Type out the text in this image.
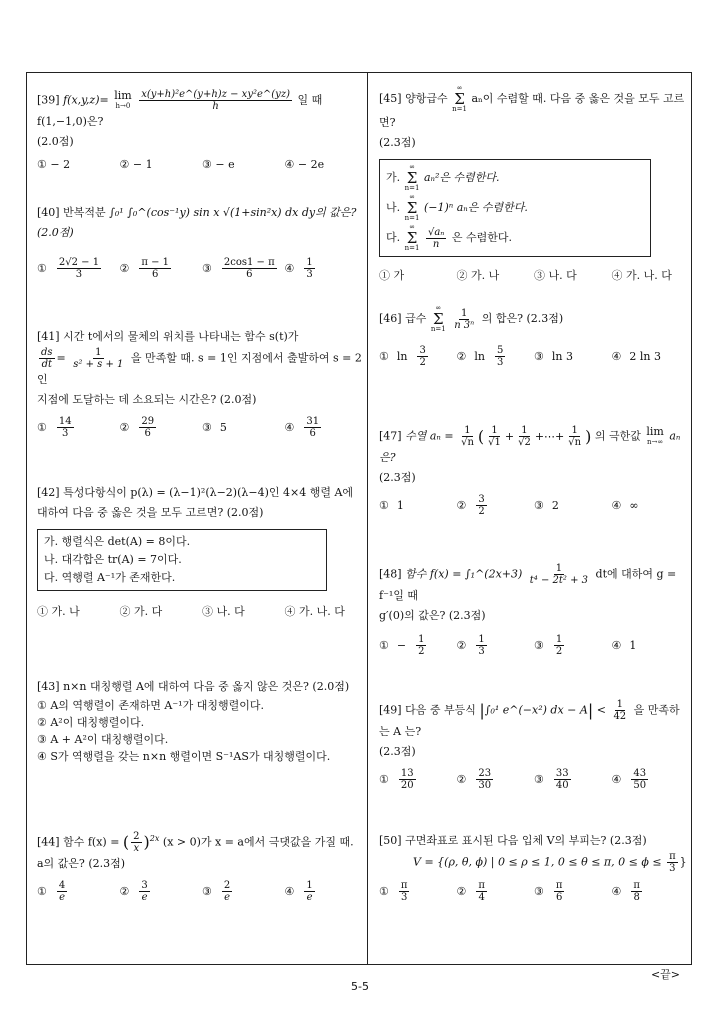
[39] f(x,y,z)= lim
h→0
$\frac{\text{x(y+h)²e\textasciicircum{}(y+h)z − xy²e\textasciicircum{}(yz)}}{h}$ 일 때 f(1,−1,0)은?
(2.0점)
① − 2	② − 1	③ − e	④ − 2e
[40] 반복적분 ∫₀¹ ∫₀^(cos⁻¹y) sin x √(1+sin²x) dx dy의 값은? (2.0점)
① $\frac{2√2 - 1}{3}$ ② $\frac{\pi - 1}{6}$	③ $\frac{2\cos 1 - \pi}{6}$ ④ $\frac{1}{3}$
[41] 시간 t에서의 물체의 위치를 나타내는 함수 s(t)가
$\frac{ds}{dt} = \frac{1}{\text{s² + s + 1}}$ 을 만족할 때. s = 1인 지점에서 출발하여 s = 2인
지점에 도달하는 데 소요되는 시간은? (2.0점)
① $\frac{14}{3}$	② $\frac{29}{6}$	③ 5	④ $\frac{31}{6}$
[42] 특성다항식이 p(λ) = (λ−1)²(λ−2)(λ−4)인 4×4 행렬 A에
대하여 다음 중 옳은 것을 모두 고르면? (2.0점)
가. 행렬식은 det(A) = 8이다.
나. 대각합은 tr(A) = 7이다.
다. 역행렬 A⁻¹가 존재한다.
① 가. 나	② 가. 다	③ 나. 다	④ 가. 나. 다
[43] n×n 대칭행렬 A에 대하여 다음 중 옳지 않은 것은? (2.0점)
① A의 역행렬이 존재하면 A⁻¹가 대칭행렬이다.
② A²이 대칭행렬이다.
③ A + A²이 대칭행렬이다.
④ S가 역행렬을 갖는 n×n 행렬이면 S⁻¹AS가 대칭행렬이다.
[44] 함수 f(x) = ( $\frac{2}{x} )^{2x}$ (x > 0)가 x = a에서 극댓값을 가질 때.
a의 값은? (2.3점)
① $\frac{4}{e}$	② $\frac{3}{e}$	③ $\frac{2}{e}$	④ $\frac{1}{e}$
[45] 양항급수
∞
Σ
n=1
aₙ이 수렴할 때. 다음 중 옳은 것을 모두 고르면?
(2.3점)
가.
∞
Σ
n=1
aₙ²은 수렴한다.
나.
∞
Σ
n=1
(−1)ⁿ aₙ은 수렴한다.
다.
∞
Σ
n=1
$\frac{\text{√aₙ}}{n}$ 은 수렴한다.
① 가	② 가. 나	③ 나. 다	④ 가. 나. 다
[46] 급수
∞
Σ
n=1
$\frac{1}{\text{n 3ⁿ}}$ 의 합은? (2.3점)
① $\ln \frac{3}{2}$	② $\ln \frac{5}{3}$	③ ln 3	④ 2 ln 3
[47] 수열 $a_n = \frac{1}{√n}$ ( $\frac{1}{√1} + \frac{1}{√2}$ +⋯+ $\frac{1}{√n}$ ) 의 극한값 lim
n→∞ aₙ 은?
(2.3점)
① 1	② $\frac{3}{2}$	③ 2	④ ∞
[48] 함수 f(x) = ∫₁^(2x+3) $\frac{1}{\text{t⁴ − 2t² + 3}}$ dt에 대하여 g = f⁻¹일 때
g′(0)의 값은? (2.3점)
① − $\frac{1}{2}$	② $\frac{1}{3}$	③ $\frac{1}{2}$	④ 1
[49] 다음 중 부등식 |∫₀¹ e^(−x²) dx − $A| < \frac{1}{42}$ 을 만족하는 A 는?
(2.3점)
① $\frac{13}{20}$	② $\frac{23}{30}$	③ $\frac{33}{40}$	④ $\frac{43}{50}$
[50] 구면좌표로 표시된 다음 입체 V의 부피는? (2.3점)
V = {(ρ, θ, ϕ) | 0 ≤ ρ ≤ 1, 0 ≤ θ ≤ π, $0 \le \phi \le \frac{\pi}{3}$ }
① $\frac{\pi}{3}$	② $\frac{\pi}{4}$	③ $\frac{\pi}{6}$	④ $\frac{\pi}{8}$
<끝>
5-5
